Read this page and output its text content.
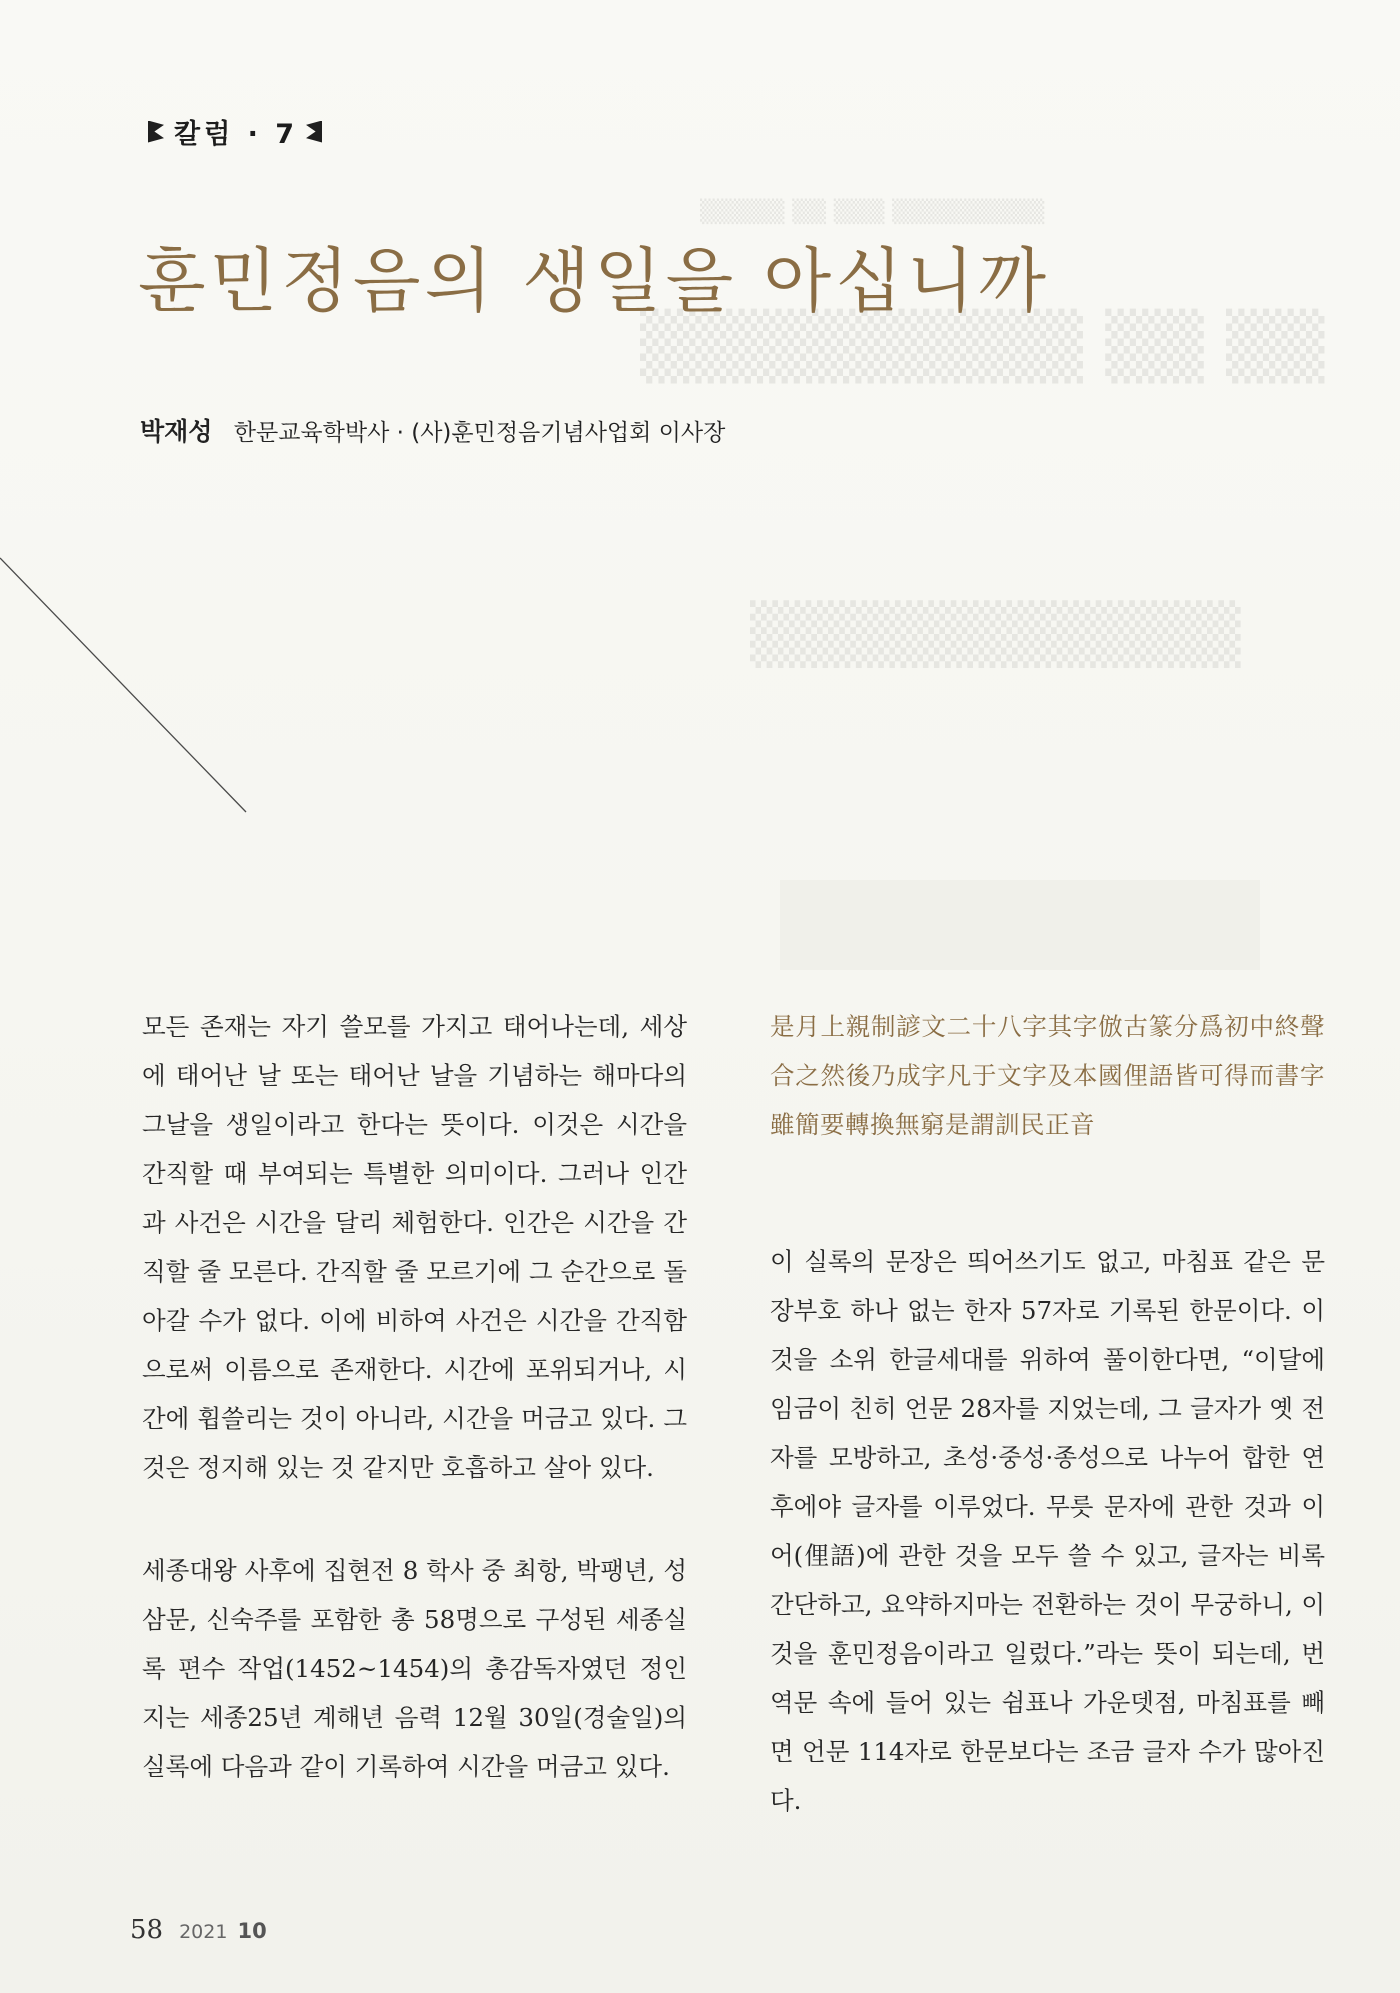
▒▒▒▒▒ ▒▒ ▒▒▒ ▒▒▒▒▒▒▒▒▒
▒▒▒▒▒▒▒▒▒ ▒▒ ▒▒
▒▒▒▒▒▒▒▒▒▒▒
칼럼 · 7
훈민정음의 생일을 아십니까
박재성 한문교육학박사 · (사)훈민정음기념사업회 이사장

모든 존재는 자기 쓸모를 가지고 태어나는데, 세상에 태어난 날 또는 태어난 날을 기념하는 해마다의 그날을 생일이라고 한다는 뜻이다. 이것은 시간을 간직할 때 부여되는 특별한 의미이다. 그러나 인간과 사건은 시간을 달리 체험한다. 인간은 시간을 간직할 줄 모른다. 간직할 줄 모르기에 그 순간으로 돌아갈 수가 없다. 이에 비하여 사건은 시간을 간직함으로써 이름으로 존재한다. 시간에 포위되거나, 시간에 휩쓸리는 것이 아니라, 시간을 머금고 있다. 그것은 정지해 있는 것 같지만 호흡하고 살아 있다.

세종대왕 사후에 집현전 8 학사 중 최항, 박팽년, 성삼문, 신숙주를 포함한 총 58명으로 구성된 세종실록 편수 작업(1452~1454)의 총감독자였던 정인지는 세종25년 계해년 음력 12월 30일(경술일)의 실록에 다음과 같이 기록하여 시간을 머금고 있다.

是月上親制諺文二十八字其字倣古篆分爲初中終聲合之然後乃成字凡于文字及本國俚語皆可得而書字雖簡要轉換無窮是謂訓民正音

이 실록의 문장은 띄어쓰기도 없고, 마침표 같은 문장부호 하나 없는 한자 57자로 기록된 한문이다. 이것을 소위 한글세대를 위하여 풀이한다면, “이달에 임금이 친히 언문 28자를 지었는데, 그 글자가 옛 전자를 모방하고, 초성·중성·종성으로 나누어 합한 연후에야 글자를 이루었다. 무릇 문자에 관한 것과 이어(俚語)에 관한 것을 모두 쓸 수 있고, 글자는 비록 간단하고, 요약하지마는 전환하는 것이 무궁하니, 이것을 훈민정음이라고 일렀다.”라는 뜻이 되는데, 번역문 속에 들어 있는 쉼표나 가운뎃점, 마침표를 빼면 언문 114자로 한문보다는 조금 글자 수가 많아진다.

58 2021 10
